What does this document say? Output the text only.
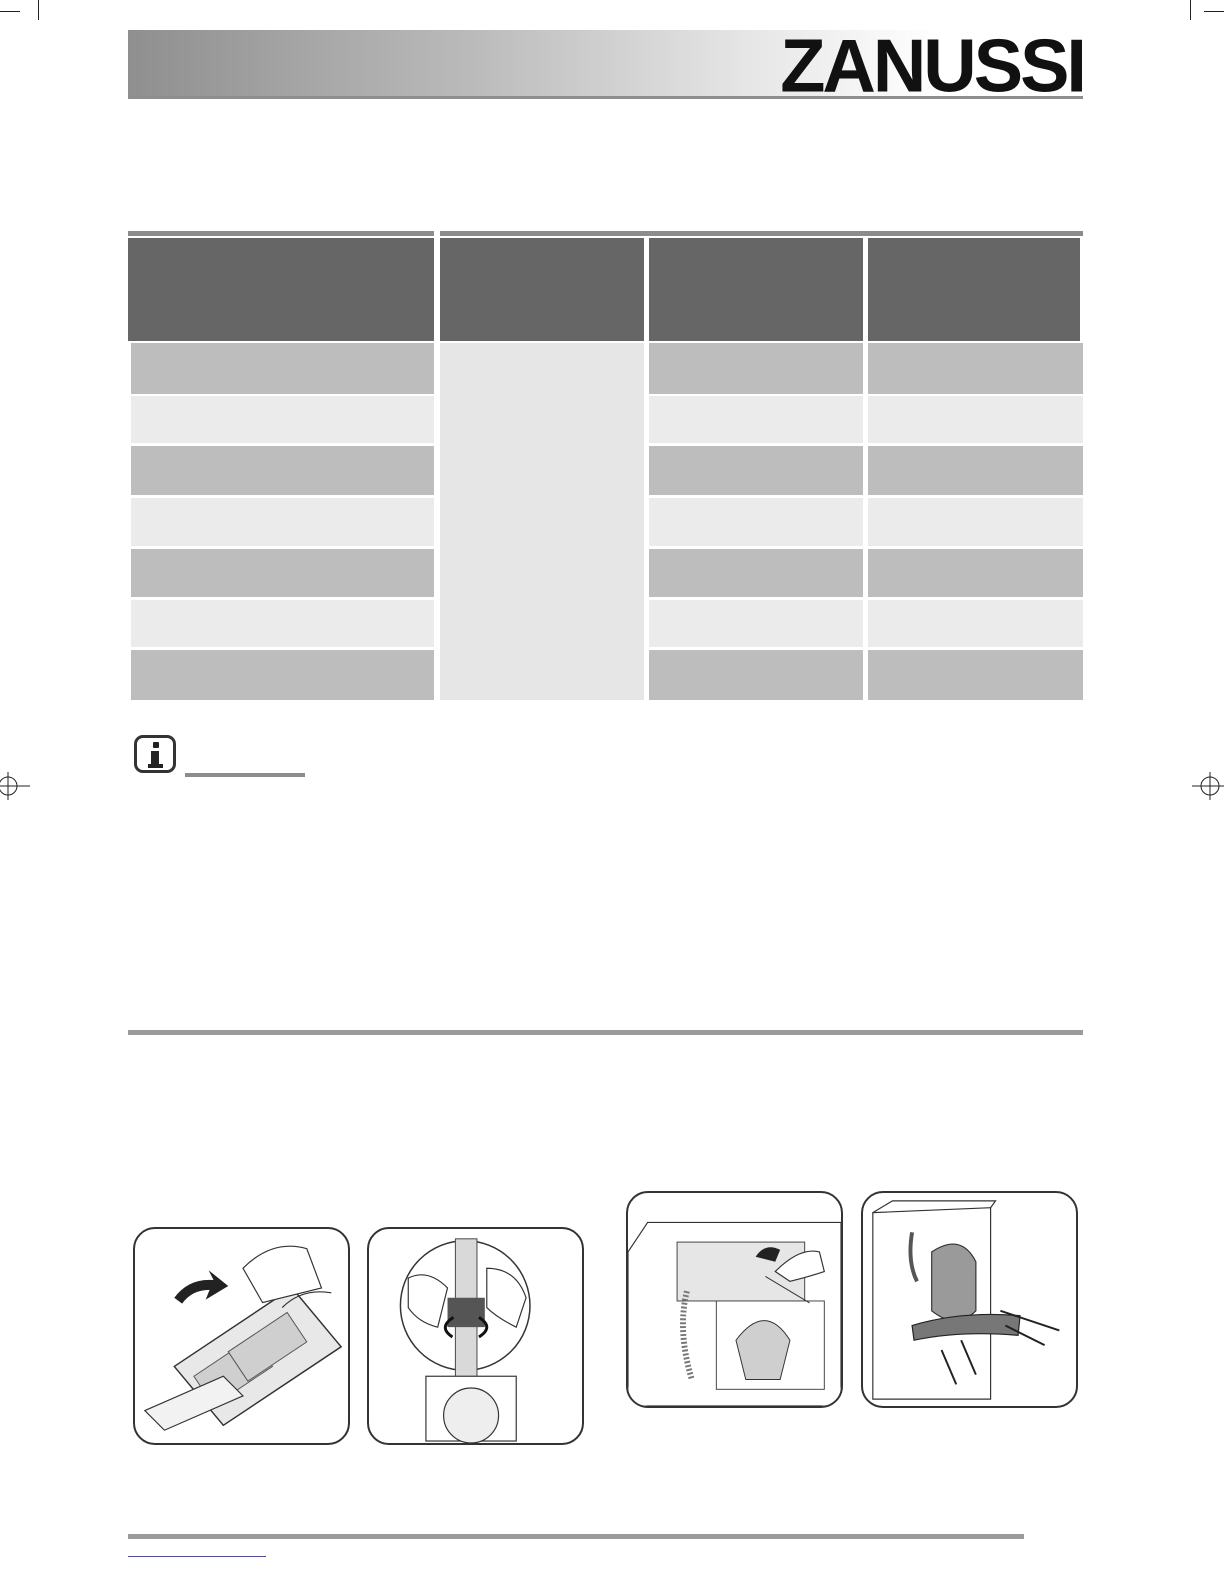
ZANUSSI
